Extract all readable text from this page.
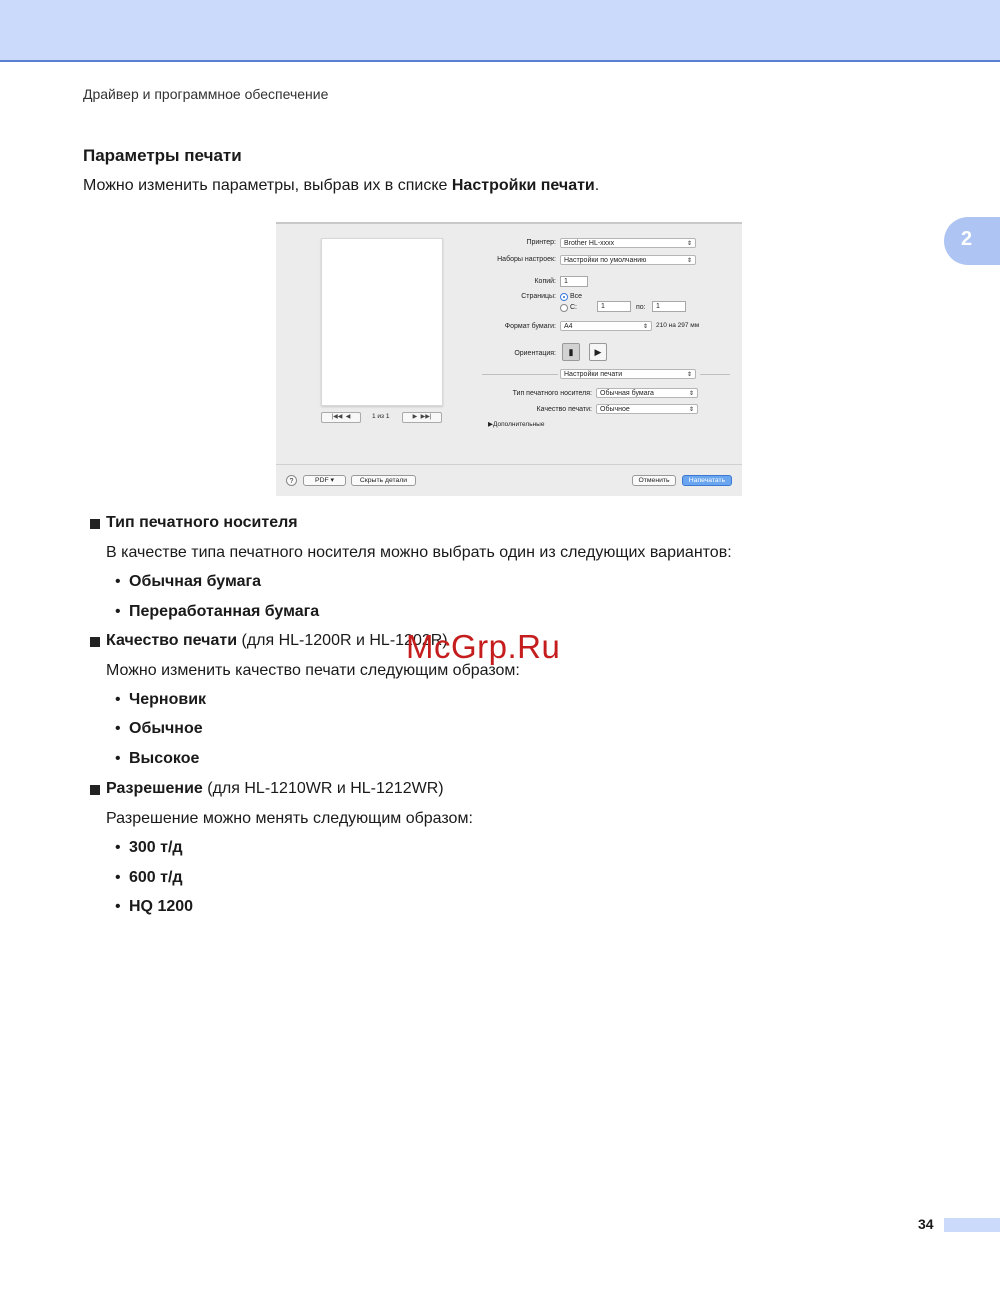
Драйвер и программное обеспечение
2
Параметры печати
Можно изменить параметры, выбрав их в списке Настройки печати.
|◀◀  ◀	1 из 1	▶  ▶▶|
Принтер:	Brother HL-xxxx	⇕
Наборы настроек:	Настройки по умолчанию	⇕
Копий:	1
Страницы: Все
С:	1	по:	1
Формат бумаги:	A4	⇕ 210 на 297 мм
Ориентация:	▮	▶
Настройки печати	⇕
Тип печатного носителя:	Обычная бумага	⇕
Качество печати:	Обычное	⇕
▶Дополнительные
?	PDF ▾	Скрыть детали	Отменить	Напечатать
Тип печатного носителя
В качестве типа печатного носителя можно выбрать один из следующих вариантов:
• Обычная бумага
• Переработанная бумага
Качество печати (для HL-1200R и HL-1202R)
Можно изменить качество печати следующим образом:
• Черновик
• Обычное
• Высокое
Разрешение (для HL-1210WR и HL-1212WR)
Разрешение можно менять следующим образом:
• 300 т/д
• 600 т/д
• HQ 1200
McGrp.Ru
34
